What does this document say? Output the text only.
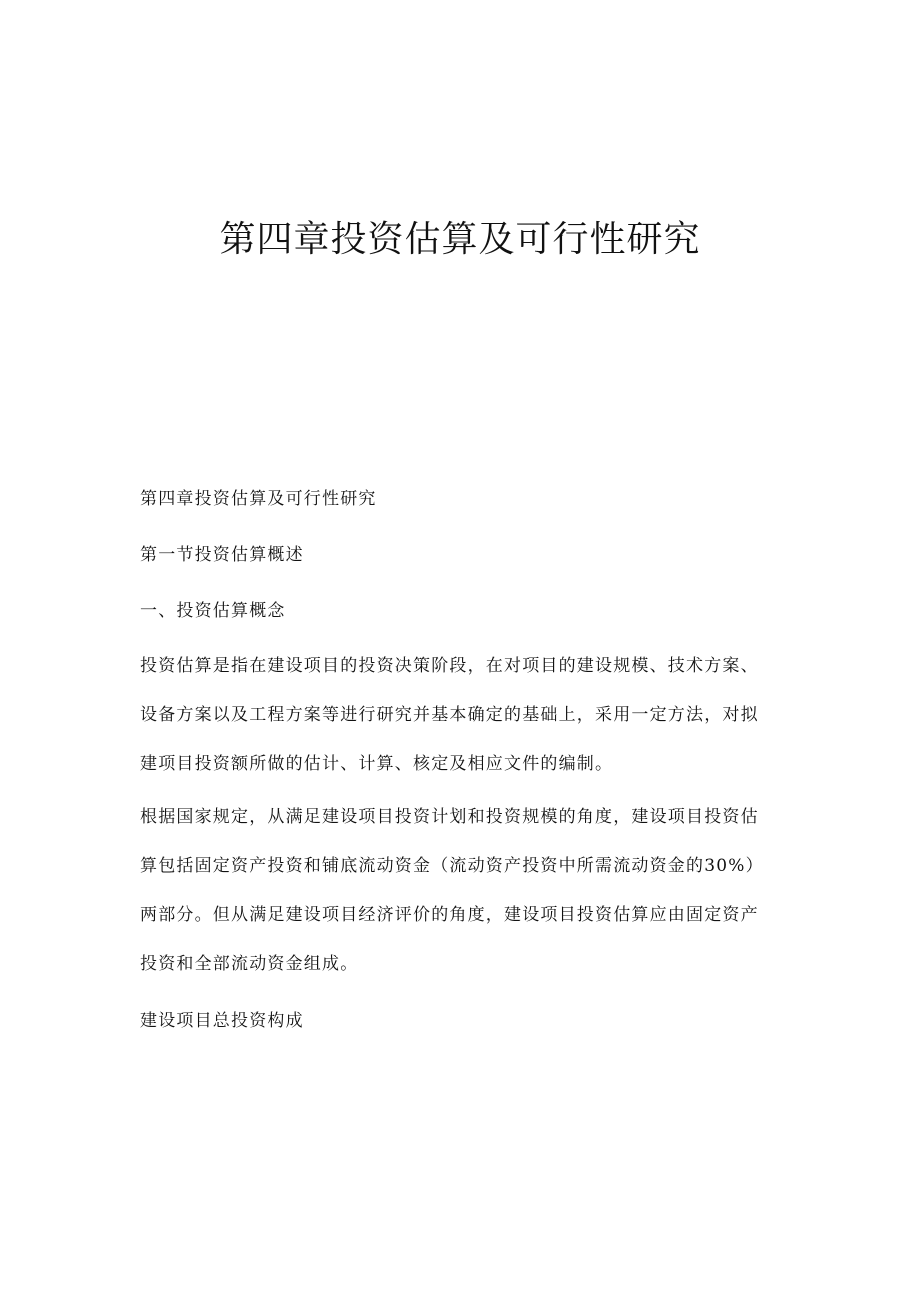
第四章投资估算及可行性研究
第四章投资估算及可行性研究
第一节投资估算概述
一、投资估算概念
投资估算是指在建设项目的投资决策阶段，在对项目的建设规模、技术方案、
设备方案以及工程方案等进行研究并基本确定的基础上，采用一定方法，对拟
建项目投资额所做的估计、计算、核定及相应文件的编制。
根据国家规定，从满足建设项目投资计划和投资规模的角度，建设项目投资估
算包括固定资产投资和铺底流动资金（流动资产投资中所需流动资金的30%）
两部分。但从满足建设项目经济评价的角度，建设项目投资估算应由固定资产
投资和全部流动资金组成。
建设项目总投资构成
